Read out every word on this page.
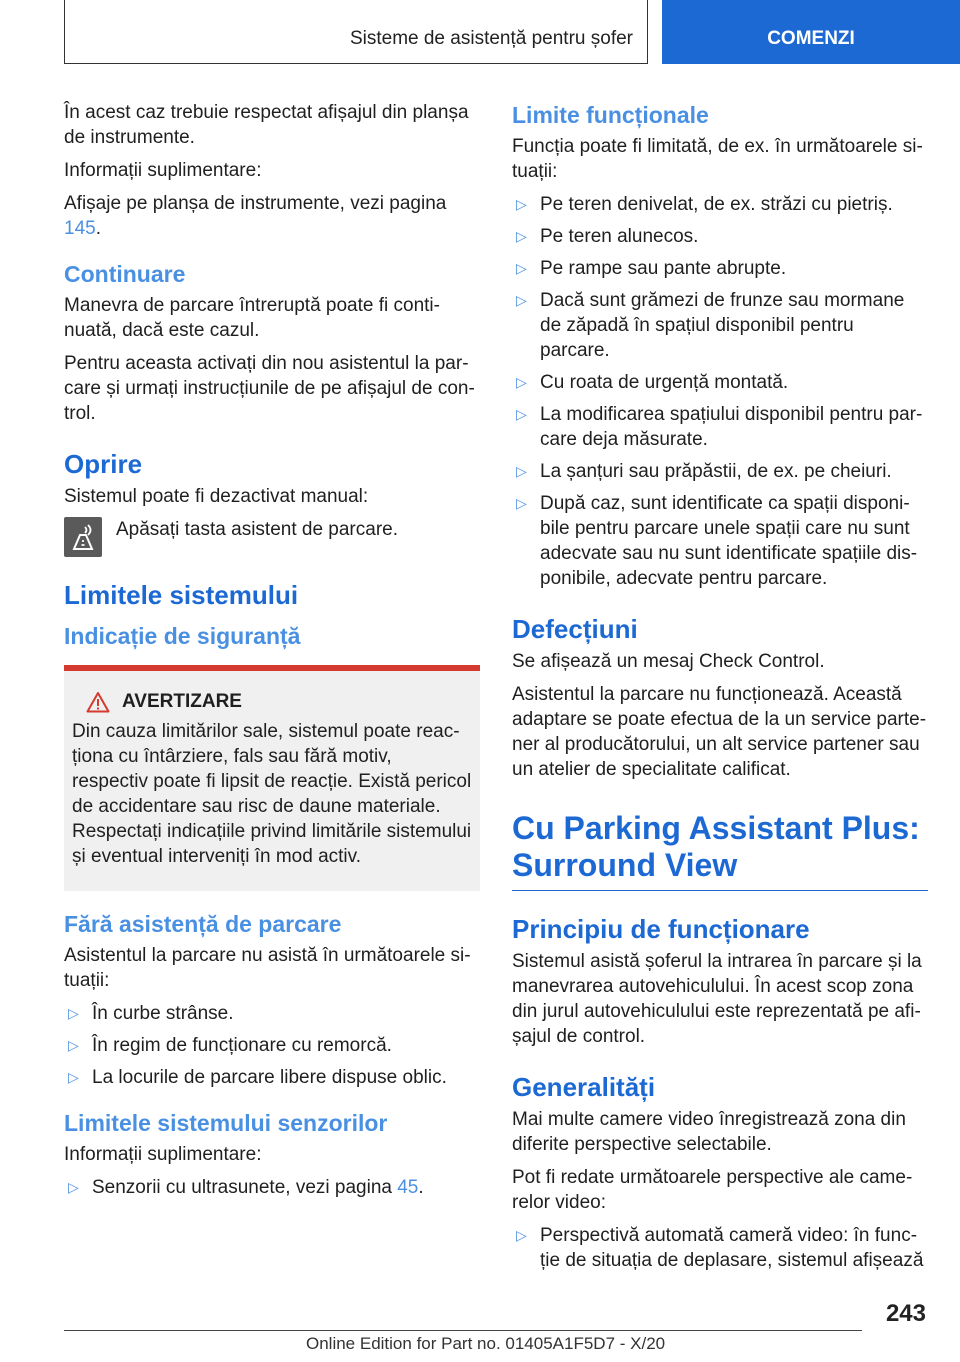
Sisteme de asistență pentru șofer	COMENZI

În acest caz trebuie respectat afișajul din planșa de instrumente.

Informații suplimentare:

Afișaje pe planșa de instrumente, vezi pagina 145.

Continuare

Manevra de parcare întreruptă poate fi continuată, dacă este cazul.

Pentru aceasta activați din nou asistentul la parcare și urmați instrucțiunile de pe afișajul de control.

Oprire

Sistemul poate fi dezactivat manual:

Apăsați tasta asistent de parcare.

Limitele sistemului
Indicație de siguranță
AVERTIZARE

Din cauza limitărilor sale, sistemul poate reacționa cu întârziere, fals sau fără motiv, respectiv poate fi lipsit de reacție. Există pericol de accidentare sau risc de daune materiale. Respectați indicațiile privind limitările sistemului și eventual interveniți în mod activ.

Fără asistență de parcare

Asistentul la parcare nu asistă în următoarele situații:

▷ În curbe strânse.
▷ În regim de funcționare cu remorcă.
▷ La locurile de parcare libere dispuse oblic.
Limitele sistemului senzorilor

Informații suplimentare:

▷ Senzorii cu ultrasunete, vezi pagina 45.
Limite funcționale

Funcția poate fi limitată, de ex. în următoarele situații:

▷ Pe teren denivelat, de ex. străzi cu pietriș.
▷ Pe teren alunecos.
▷ Pe rampe sau pante abrupte.
▷ Dacă sunt grămezi de frunze sau mormane de zăpadă în spațiul disponibil pentru parcare.
▷ Cu roata de urgență montată.
▷ La modificarea spațiului disponibil pentru parcare deja măsurate.
▷ La șanțuri sau prăpăstii, de ex. pe cheiuri.
▷ După caz, sunt identificate ca spații disponibile pentru parcare unele spații care nu sunt adecvate sau nu sunt identificate spațiile disponibile, adecvate pentru parcare.
Defecțiuni

Se afișează un mesaj Check Control.

Asistentul la parcare nu funcționează. Această adaptare se poate efectua de la un service partener al producătorului, un alt service partener sau un atelier de specialitate calificat.

Cu Parking Assistant Plus: Surround View
Principiu de funcționare

Sistemul asistă șoferul la intrarea în parcare și la manevrarea autovehiculului. În acest scop zona din jurul autovehiculului este reprezentată pe afișajul de control.

Generalități

Mai multe camere video înregistrează zona din diferite perspective selectabile.

Pot fi redate următoarele perspective ale camerelor video:

▷ Perspectivă automată cameră video: în funcție de situația de deplasare, sistemul afișează
243
Online Edition for Part no. 01405A1F5D7 - X/20
